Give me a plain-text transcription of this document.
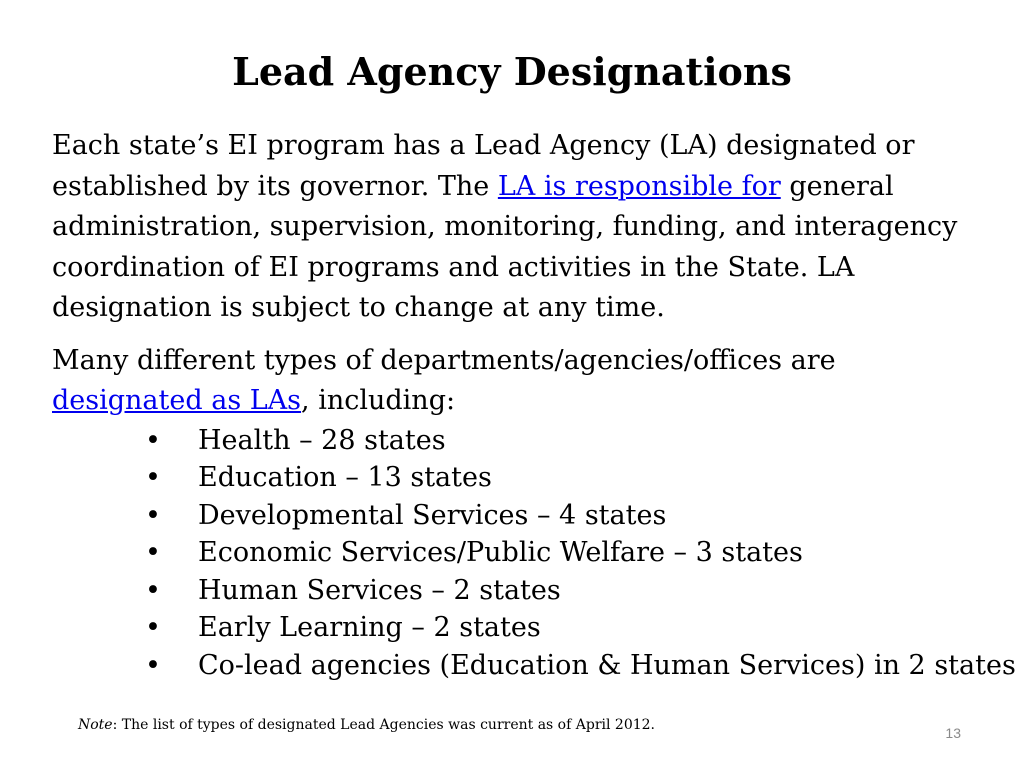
Lead Agency Designations

Each state’s EI program has a Lead Agency (LA) designated or established by its governor. The LA is responsible for general administration, supervision, monitoring, funding, and interagency coordination of EI programs and activities in the State. LA designation is subject to change at any time.

Many different types of departments/agencies/offices are designated as LAs, including:

• Health – 28 states
• Education – 13 states
• Developmental Services – 4 states
• Economic Services/Public Welfare – 3 states
• Human Services – 2 states
• Early Learning – 2 states
• Co-lead agencies (Education & Human Services) in 2 states
Note: The list of types of designated Lead Agencies was current as of April 2012.	13
